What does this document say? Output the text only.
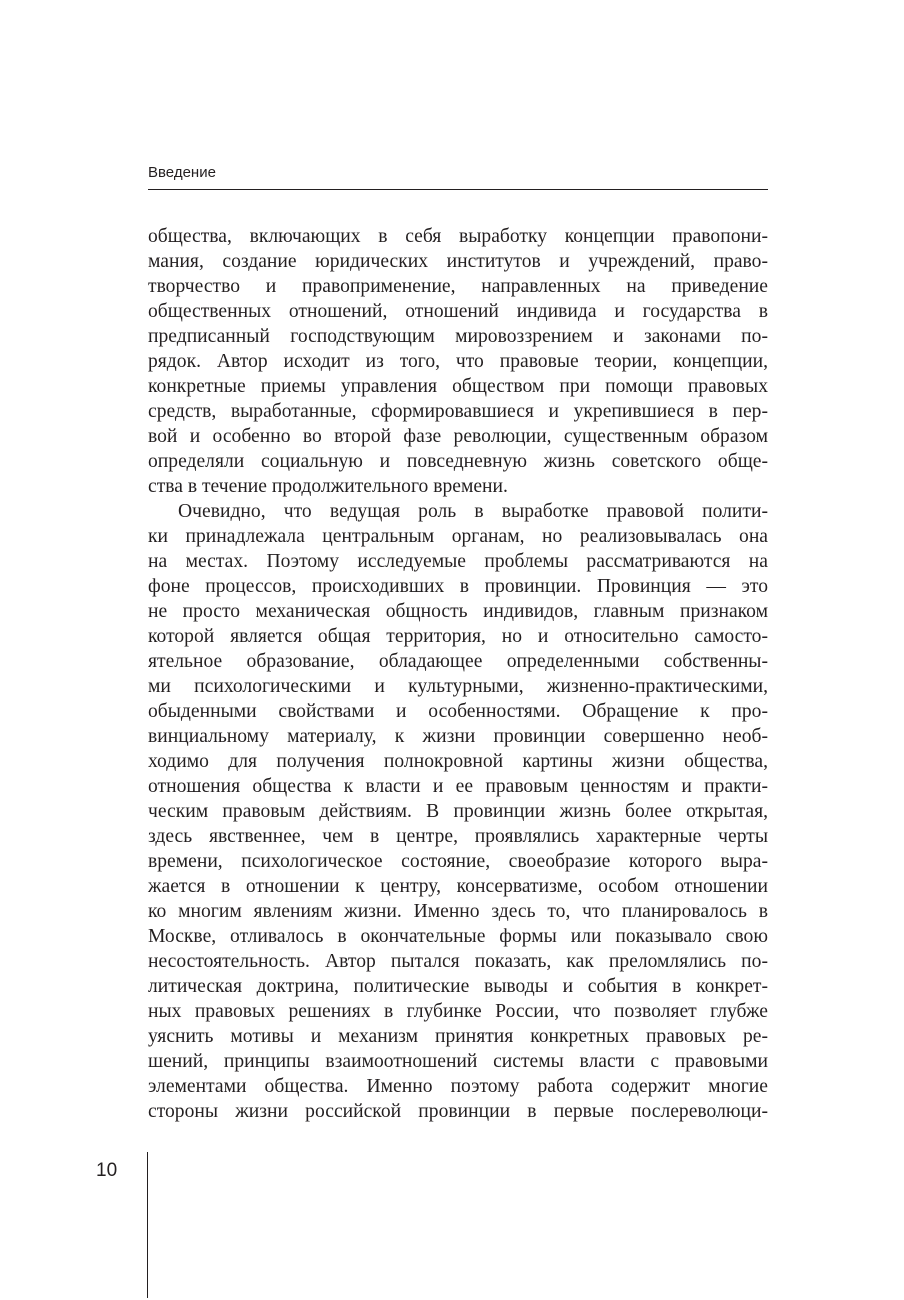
Введение
общества, включающих в себя выработку концепции правопони-
мания, создание юридических институтов и учреждений, право-
творчество и правоприменение, направленных на приведение
общественных отношений, отношений индивида и государства в
предписанный господствующим мировоззрением и законами по-
рядок. Автор исходит из того, что правовые теории, концепции,
конкретные приемы управления обществом при помощи правовых
средств, выработанные, сформировавшиеся и укрепившиеся в пер-
вой и особенно во второй фазе революции, существенным образом
определяли социальную и повседневную жизнь советского обще-
ства в течение продолжительного времени.
Очевидно, что ведущая роль в выработке правовой полити-
ки принадлежала центральным органам, но реализовывалась она
на местах. Поэтому исследуемые проблемы рассматриваются на
фоне процессов, происходивших в провинции. Провинция — это
не просто механическая общность индивидов, главным признаком
которой является общая территория, но и относительно самосто-
ятельное образование, обладающее определенными собственны-
ми психологическими и культурными, жизненно-практическими,
обыденными свойствами и особенностями. Обращение к про-
винциальному материалу, к жизни провинции совершенно необ-
ходимо для получения полнокровной картины жизни общества,
отношения общества к власти и ее правовым ценностям и практи-
ческим правовым действиям. В провинции жизнь более открытая,
здесь явственнее, чем в центре, проявлялись характерные черты
времени, психологическое состояние, своеобразие которого выра-
жается в отношении к центру, консерватизме, особом отношении
ко многим явлениям жизни. Именно здесь то, что планировалось в
Москве, отливалось в окончательные формы или показывало свою
несостоятельность. Автор пытался показать, как преломлялись по-
литическая доктрина, политические выводы и события в конкрет-
ных правовых решениях в глубинке России, что позволяет глубже
уяснить мотивы и механизм принятия конкретных правовых ре-
шений, принципы взаимоотношений системы власти с правовыми
элементами общества. Именно поэтому работа содержит многие
стороны жизни российской провинции в первые послереволюци-
10
